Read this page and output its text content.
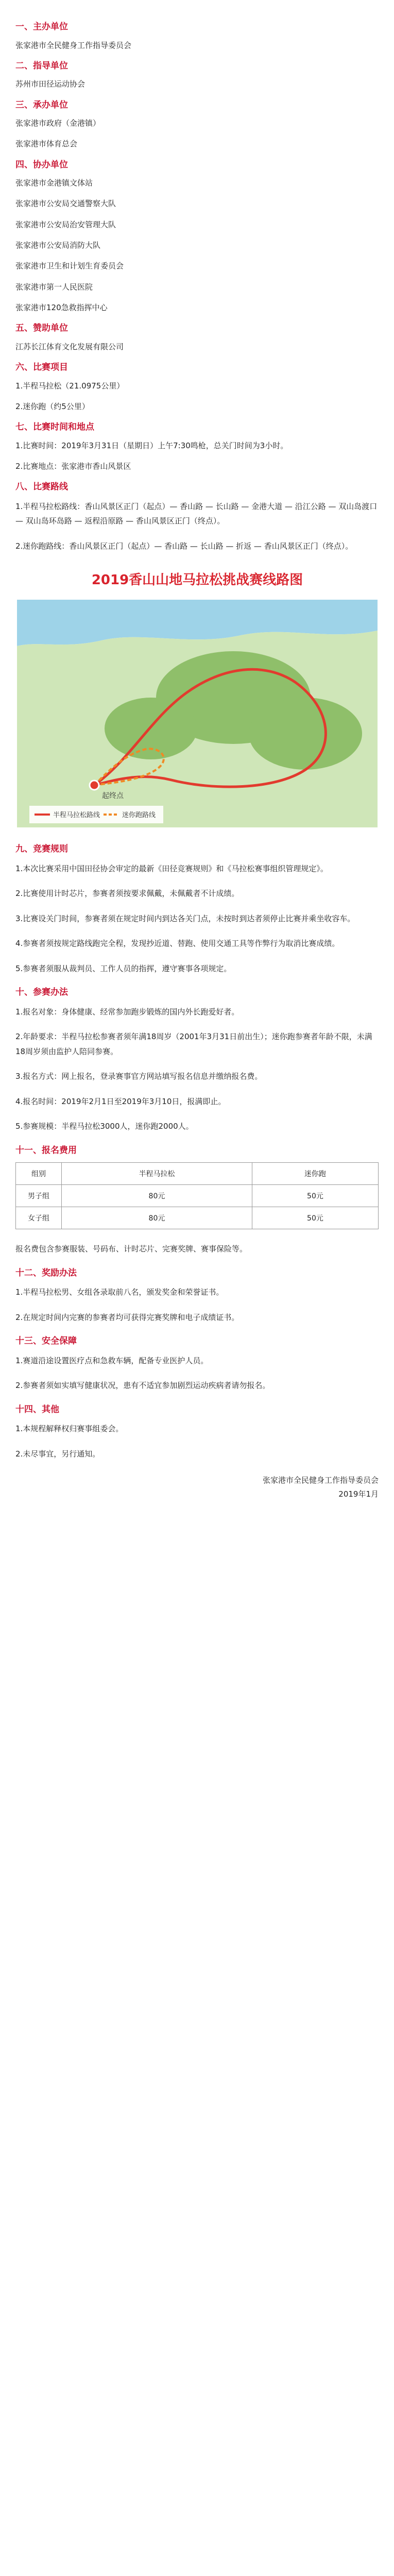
一、主办单位
张家港市全民健身工作指导委员会
二、指导单位
苏州市田径运动协会
三、承办单位
张家港市政府（金港镇）
张家港市体育总会
四、协办单位
张家港市金港镇文体站
张家港市公安局交通警察大队
张家港市公安局治安管理大队
张家港市公安局消防大队
张家港市卫生和计划生育委员会
张家港市第一人民医院
张家港市120急救指挥中心
五、赞助单位
江苏长江体育文化发展有限公司
六、比赛项目
1.半程马拉松（21.0975公里）
2.迷你跑（约5公里）
七、比赛时间和地点
1.比赛时间：2019年3月31日（星期日）上午7:30鸣枪，总关门时间为3小时。
2.比赛地点：张家港市香山风景区
八、比赛路线
1.半程马拉松路线：香山风景区正门（起点）— 香山路 — 长山路 — 金港大道 — 沿江公路 — 双山岛渡口 — 双山岛环岛路 — 返程沿原路 — 香山风景区正门（终点）。
2.迷你跑路线：香山风景区正门（起点）— 香山路 — 长山路 — 折返 — 香山风景区正门（终点）。
2019香山山地马拉松挑战赛线路图
起终点
半程马拉松路线	迷你跑路线
九、竞赛规则
1.本次比赛采用中国田径协会审定的最新《田径竞赛规则》和《马拉松赛事组织管理规定》。
2.比赛使用计时芯片，参赛者须按要求佩戴，未佩戴者不计成绩。
3.比赛设关门时间，参赛者须在规定时间内到达各关门点，未按时到达者须停止比赛并乘坐收容车。
4.参赛者须按规定路线跑完全程，发现抄近道、替跑、使用交通工具等作弊行为取消比赛成绩。
5.参赛者须服从裁判员、工作人员的指挥，遵守赛事各项规定。
十、参赛办法
1.报名对象：身体健康、经常参加跑步锻炼的国内外长跑爱好者。
2.年龄要求：半程马拉松参赛者须年满18周岁（2001年3月31日前出生）；迷你跑参赛者年龄不限，未满18周岁须由监护人陪同参赛。
3.报名方式：网上报名，登录赛事官方网站填写报名信息并缴纳报名费。
4.报名时间：2019年2月1日至2019年3月10日，报满即止。
5.参赛规模：半程马拉松3000人，迷你跑2000人。
十一、报名费用
组别	半程马拉松	迷你跑
男子组	80元	50元
女子组	80元	50元
报名费包含参赛服装、号码布、计时芯片、完赛奖牌、赛事保险等。
十二、奖励办法
1.半程马拉松男、女组各录取前八名，颁发奖金和荣誉证书。
2.在规定时间内完赛的参赛者均可获得完赛奖牌和电子成绩证书。
十三、安全保障
1.赛道沿途设置医疗点和急救车辆，配备专业医护人员。
2.参赛者须如实填写健康状况，患有不适宜参加剧烈运动疾病者请勿报名。
十四、其他
1.本规程解释权归赛事组委会。
2.未尽事宜，另行通知。
张家港市全民健身工作指导委员会
2019年1月
